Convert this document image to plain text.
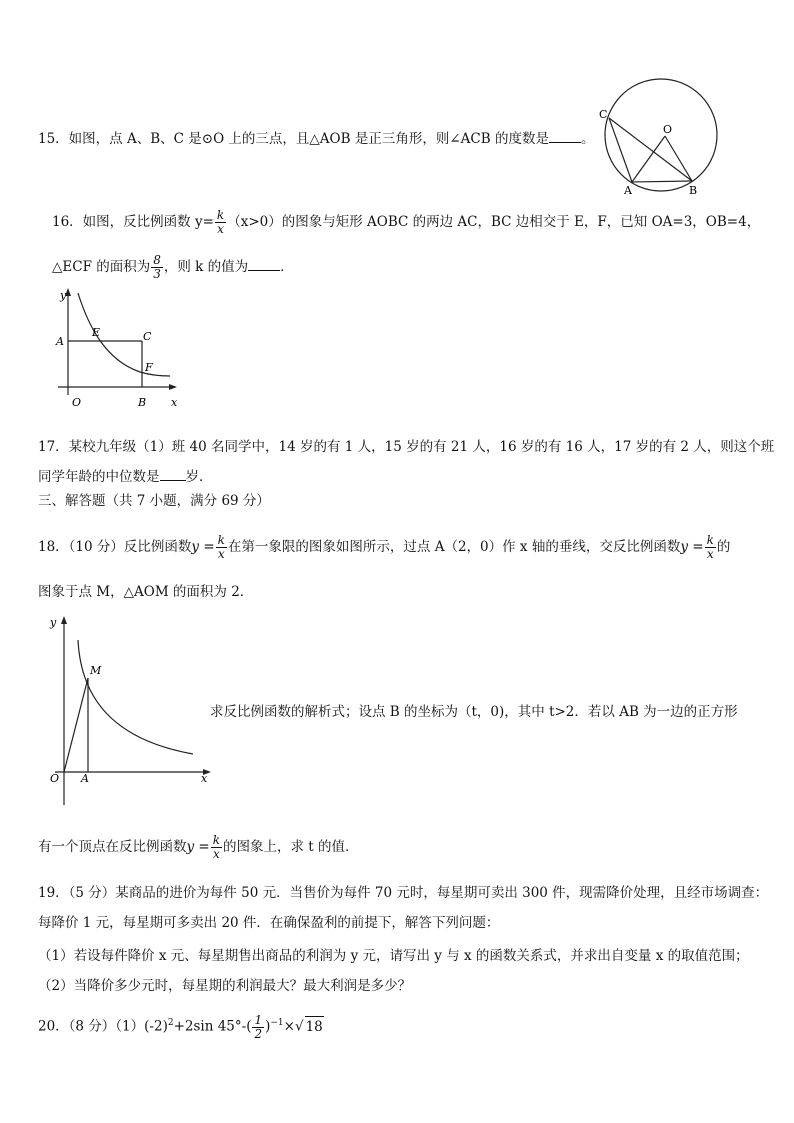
15．如图，点 A、B、C 是⊙O 上的三点，且△AOB 是正三角形，则∠ACB 的度数是 。
C
O
A	B
16．如图，反比例函数 $y= \frac{k}{x} (x>0)$的图象与矩形 AOBC 的两边 AC，BC 边相交于 E，F，已知 OA=3，OB=4，
△ECF 的面积为 $\frac{8}{3}$ ，则 k 的值为 ．
y
A
E	C
F
O	B x
17．某校九年级（1）班 40 名同学中，14 岁的有 1 人，15 岁的有 21 人，16 岁的有 16 人，17 岁的有 2 人，则这个班
同学年龄的中位数是 岁．
三、解答题（共 7 小题，满分 69 分）
18．（10 分）反比例函数$y = \frac{k}{x}$ 在第一象限的图象如图所示，过点 A（2，0）作 x 轴的垂线，交反比例函数$y = \frac{k}{x}$ 的
图象于点 M，△AOM 的面积为 2．
y
M
O A	x
求反比例函数的解析式；设点 B 的坐标为（t，0)，其中 t>2．若以 AB 为一边的正方形
有一个顶点在反比例函数$y = \frac{k}{x}$ 的图象上，求 t 的值．
19．（5 分）某商品的进价为每件 50 元．当售价为每件 70 元时，每星期可卖出 300 件，现需降价处理，且经市场调查：
每降价 1 元，每星期可多卖出 20 件．在确保盈利的前提下，解答下列问题：
（1）若设每件降价 x 元、每星期售出商品的利润为 y 元，请写出 y 与 x 的函数关系式，并求出自变量 x 的取值范围；
（2）当降价多少元时，每星期的利润最大？最大利润是多少？
20．（8 分）$(1)(-2)^2+2\sin$ $45^\circ-( \frac{1}{2} )^{-1}\times√$ 18
